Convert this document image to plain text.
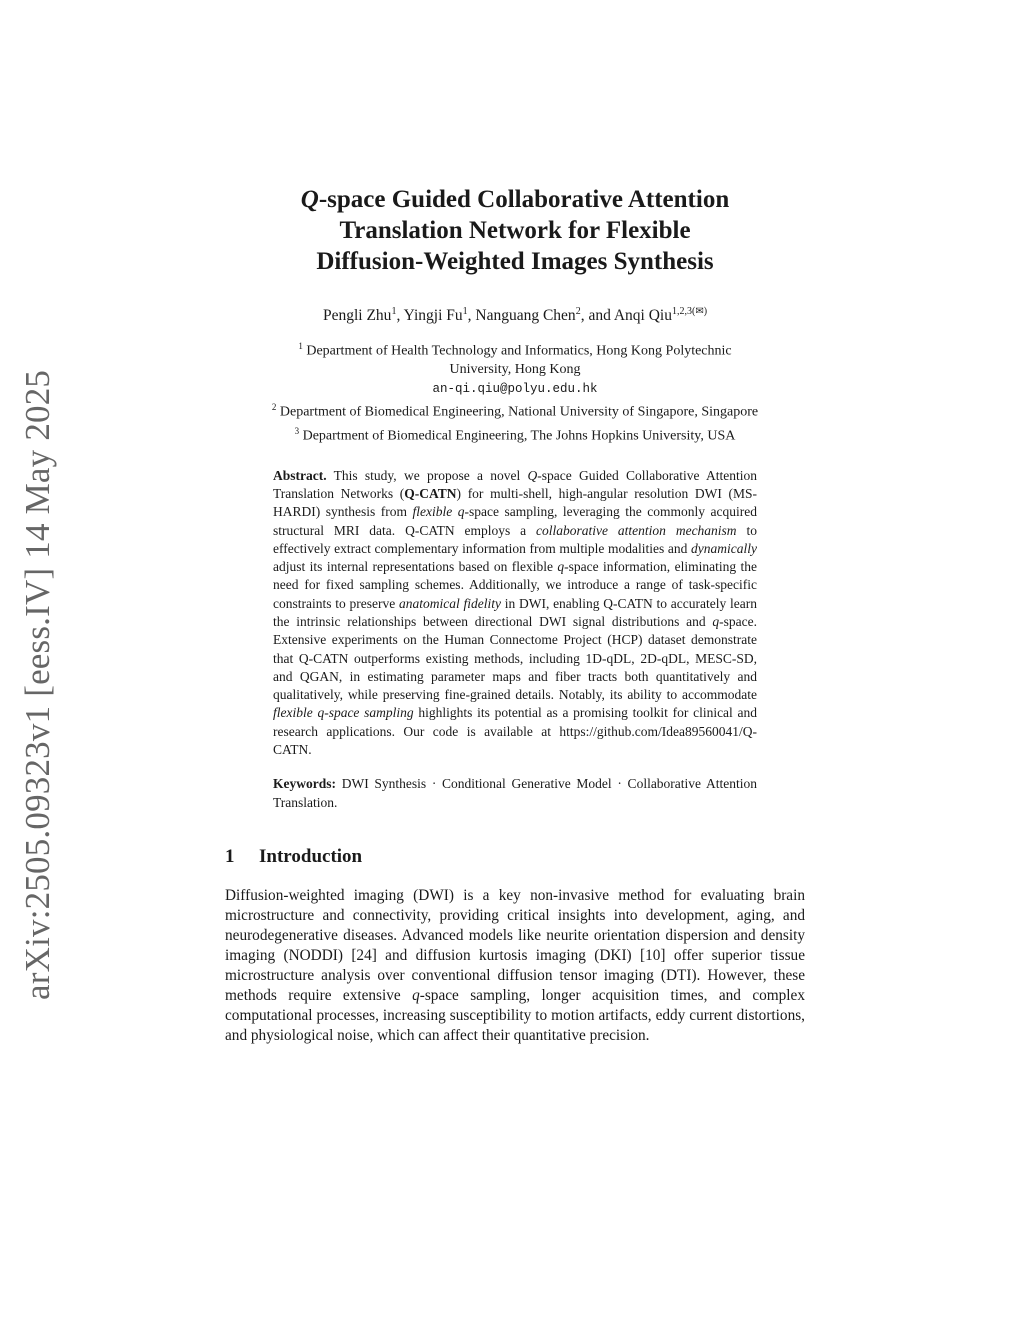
arXiv:2505.09323v1 [eess.IV] 14 May 2025
Q-space Guided Collaborative Attention
Translation Network for Flexible
Diffusion-Weighted Images Synthesis
Pengli Zhu$^1$, Yingji Fu$^1$, Nanguang Chen$^2$, and Anqi Qiu$^{1,2,3(✉)}$
$^1$ Department of Health Technology and Informatics, Hong Kong Polytechnic
University, Hong Kong
an-qi.qiu@polyu.edu.hk
$^2$ Department of Biomedical Engineering, National University of Singapore, Singapore
$^3$ Department of Biomedical Engineering, The Johns Hopkins University, USA
Abstract. This study, we propose a novel Q-space Guided Collaborative Attention Translation Networks (Q-CATN) for multi-shell, high-angular resolution DWI (MS-HARDI) synthesis from flexible q-space sampling, leveraging the commonly acquired structural MRI data. Q-CATN employs a collaborative attention mechanism to effectively extract complementary information from multiple modalities and dynamically adjust its internal representations based on flexible q-space information, eliminating the need for fixed sampling schemes. Additionally, we introduce a range of task-specific constraints to preserve anatomical fidelity in DWI, enabling Q-CATN to accurately learn the intrinsic relationships between directional DWI signal distributions and q-space. Extensive experiments on the Human Connectome Project (HCP) dataset demonstrate that Q-CATN outperforms existing methods, including 1D-qDL, 2D-qDL, MESC-SD, and QGAN, in estimating parameter maps and fiber tracts both quantitatively and qualitatively, while preserving fine-grained details. Notably, its ability to accommodate flexible q-space sampling highlights its potential as a promising toolkit for clinical and research applications. Our code is available at https://github.com/Idea89560041/Q-CATN.
Keywords: DWI Synthesis · Conditional Generative Model · Collaborative Attention Translation.
1 Introduction
Diffusion-weighted imaging (DWI) is a key non-invasive method for evaluating brain microstructure and connectivity, providing critical insights into development, aging, and neurodegenerative diseases. Advanced models like neurite orientation dispersion and density imaging (NODDI) [24] and diffusion kurtosis imaging (DKI) [10] offer superior tissue microstructure analysis over conventional diffusion tensor imaging (DTI). However, these methods require extensive q-space sampling, longer acquisition times, and complex computational processes, increasing susceptibility to motion artifacts, eddy current distortions, and physiological noise, which can affect their quantitative precision.
